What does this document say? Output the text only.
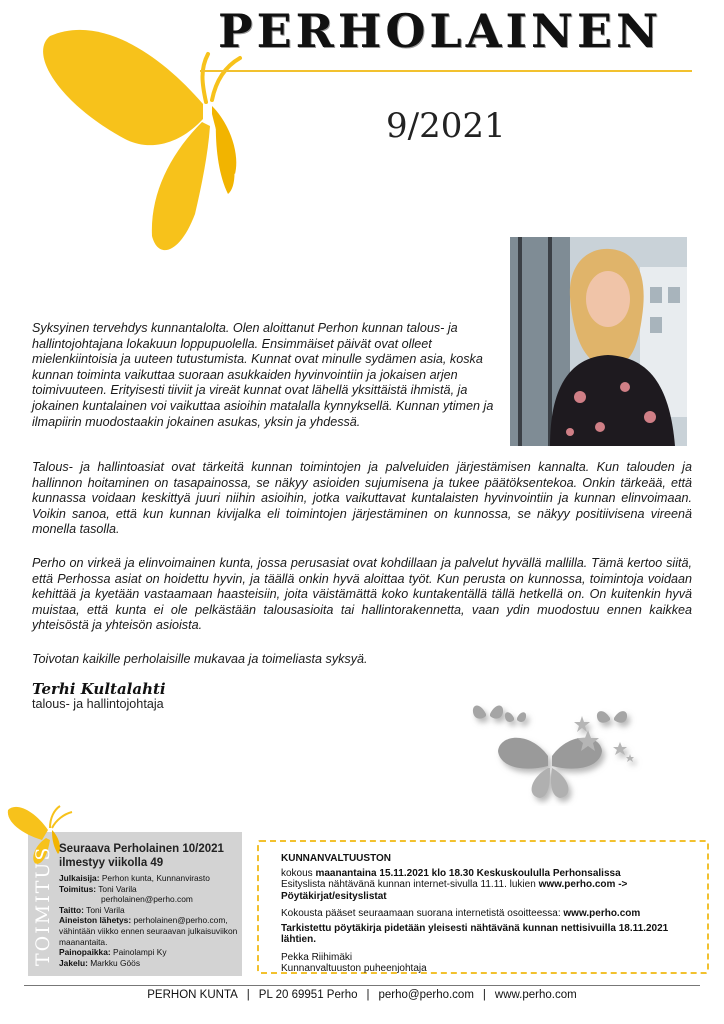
PERHOLAINEN
9/2021
Syksyinen tervehdys kunnantalolta. Olen aloittanut Perhon kunnan talous- ja hallintojohtajana lokakuun loppupuolella. Ensimmäiset päivät ovat olleet mielenkiintoisia ja uuteen tutustumista. Kunnat ovat minulle sydämen asia, koska kunnan toiminta vaikuttaa suoraan asukkaiden hyvinvointiin ja jokaisen arjen toimivuuteen. Erityisesti tiiviit ja vireät kunnat ovat lähellä yksittäistä ihmistä, ja jokainen kuntalainen voi vaikuttaa asioihin matalalla kynnyksellä. Kunnan ytimen ja ilmapiirin muodostaakin jokainen asukas, yksin ja yhdessä.
Talous- ja hallintoasiat ovat tärkeitä kunnan toimintojen ja palveluiden järjestämisen kannalta. Kun talouden ja hallinnon hoitaminen on tasapainossa, se näkyy asioiden sujumisena ja tukee päätöksentekoa. Onkin tärkeää, että kunnassa voidaan keskittyä juuri niihin asioihin, jotka vaikuttavat kuntalaisten hyvinvointiin ja kunnan elinvoimaan. Voikin sanoa, että kun kunnan kivijalka eli toimintojen järjestäminen on kunnossa, se näkyy positiivisena vireenä monella tasolla.
Perho on virkeä ja elinvoimainen kunta, jossa perusasiat ovat kohdillaan ja palvelut hyvällä mallilla. Tämä kertoo siitä, että Perhossa asiat on hoidettu hyvin, ja täällä onkin hyvä aloittaa työt. Kun perusta on kunnossa, toimintoja voidaan kehittää ja kyetään vastaamaan haasteisiin, joita väistämättä koko kuntakentällä tällä hetkellä on. On kuitenkin hyvä muistaa, että kunta ei ole pelkästään talousasioita tai hallintorakennetta, vaan ydin muodostuu ennen kaikkea yhteisöstä ja yhteisön asioista.
Toivotan kaikille perholaisille mukavaa ja toimeliasta syksyä.
Terhi Kultalahti
talous- ja hallintojohtaja
TOIMITUS Seuraava Perholainen 10/2021
ilmestyy viikolla 49
Julkaisija: Perhon kunta, Kunnanvirasto
Toimitus: Toni Varila
perholainen@perho.com
Taitto: Toni Varila
Aineiston lähetys: perholainen@perho.com, vähintään viikko ennen seuraavan julkaisuviikon maanantaita.
Painopaikka: Painolampi Ky
Jakelu: Markku Göös
KUNNANVALTUUSTON
kokous maanantaina 15.11.2021 klo 18.30 Keskuskoululla Perhonsalissa
Esityslista nähtävänä kunnan internet-sivulla 11.11. lukien www.perho.com -> Pöytäkirjat/esityslistat
Kokousta pääset seuraamaan suorana internetistä osoitteessa: www.perho.com
Tarkistettu pöytäkirja pidetään yleisesti nähtävänä kunnan nettisivuilla 18.11.2021 lähtien.
Pekka Riihimäki
Kunnanvaltuuston puheenjohtaja
PERHON KUNTA | PL 20 69951 Perho | perho@perho.com | www.perho.com
